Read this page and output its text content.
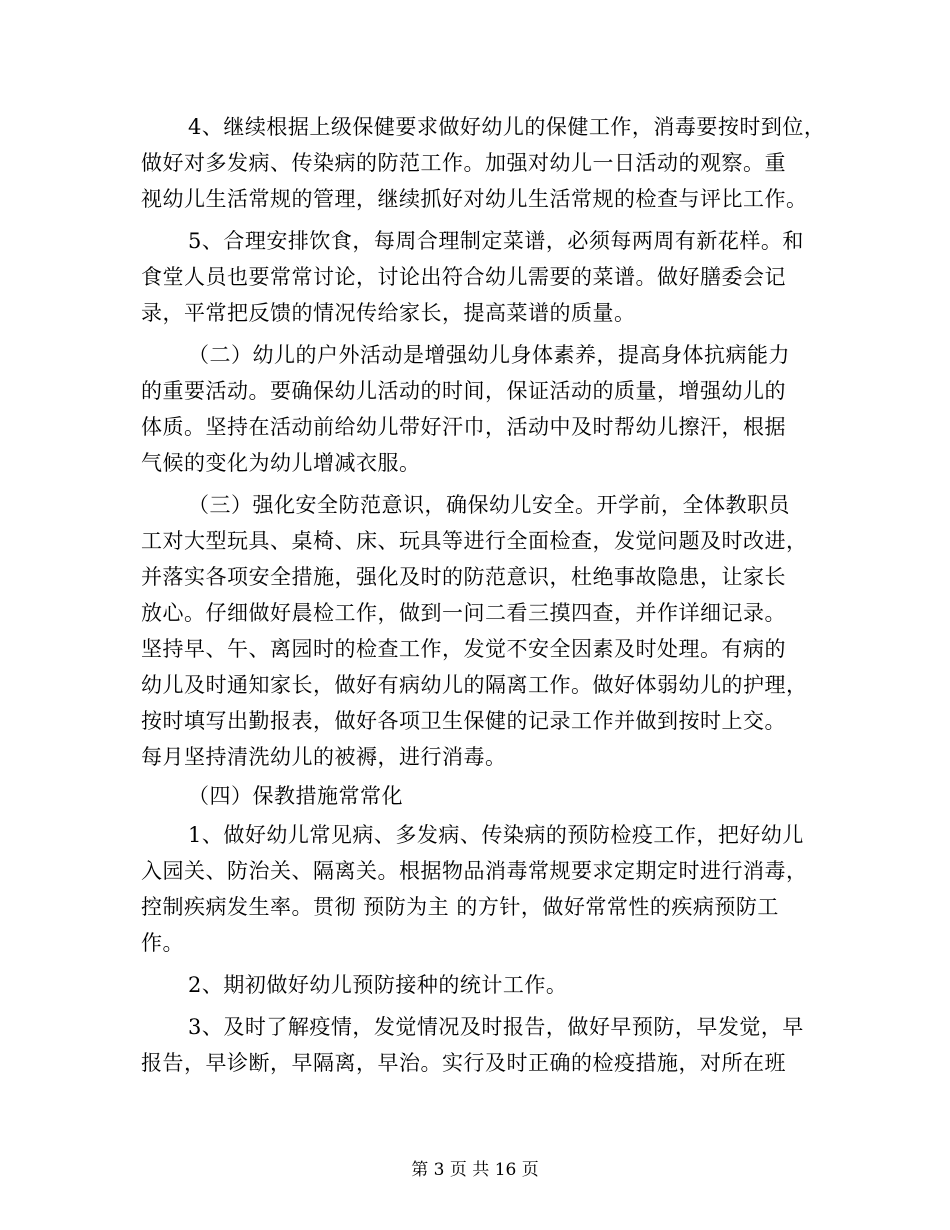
4、继续根据上级保健要求做好幼儿的保健工作，消毒要按时到位，
做好对多发病、传染病的防范工作。加强对幼儿一日活动的观察。重
视幼儿生活常规的管理，继续抓好对幼儿生活常规的检查与评比工作。
5、合理安排饮食，每周合理制定菜谱，必须每两周有新花样。和
食堂人员也要常常讨论，讨论出符合幼儿需要的菜谱。做好膳委会记
录，平常把反馈的情况传给家长，提高菜谱的质量。
（二）幼儿的户外活动是增强幼儿身体素养，提高身体抗病能力
的重要活动。要确保幼儿活动的时间，保证活动的质量，增强幼儿的
体质。坚持在活动前给幼儿带好汗巾，活动中及时帮幼儿擦汗，根据
气候的变化为幼儿增减衣服。
（三）强化安全防范意识，确保幼儿安全。开学前，全体教职员
工对大型玩具、桌椅、床、玩具等进行全面检查，发觉问题及时改进，
并落实各项安全措施，强化及时的防范意识，杜绝事故隐患，让家长
放心。仔细做好晨检工作，做到一问二看三摸四查，并作详细记录。
坚持早、午、离园时的检查工作，发觉不安全因素及时处理。有病的
幼儿及时通知家长，做好有病幼儿的隔离工作。做好体弱幼儿的护理，
按时填写出勤报表，做好各项卫生保健的记录工作并做到按时上交。
每月坚持清洗幼儿的被褥，进行消毒。
（四）保教措施常常化
1、做好幼儿常见病、多发病、传染病的预防检疫工作，把好幼儿
入园关、防治关、隔离关。根据物品消毒常规要求定期定时进行消毒，
控制疾病发生率。贯彻 预防为主 的方针，做好常常性的疾病预防工
作。
2、期初做好幼儿预防接种的统计工作。
3、及时了解疫情，发觉情况及时报告，做好早预防，早发觉，早
报告，早诊断，早隔离，早治。实行及时正确的检疫措施，对所在班
第 3 页 共 16 页
